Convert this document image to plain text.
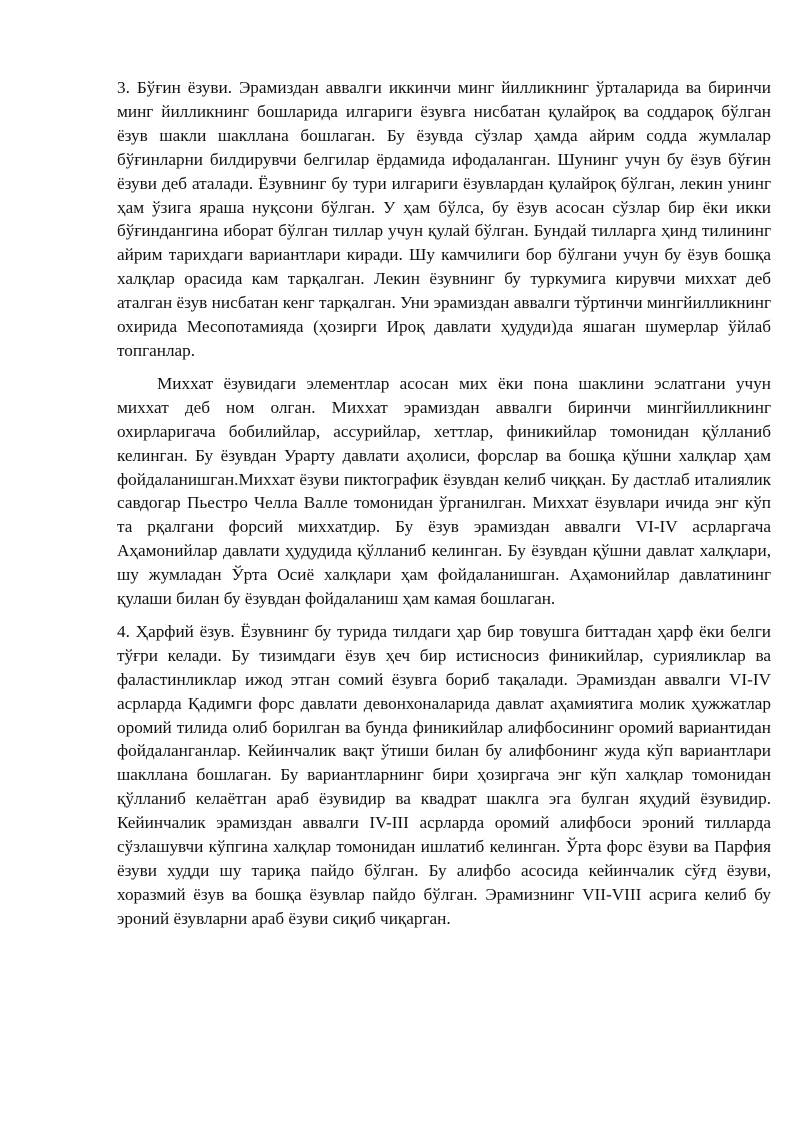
3. Бўғин ёзуви. Эрамиздан аввалги иккинчи минг йилликнинг ўрталарида ва биринчи минг йилликнинг бошларида илгариги ёзувга нисбатан қулайроқ ва соддароқ бўлган ёзув шакли шакллана бошлаган. Бу ёзувда сўзлар ҳамда айрим содда жумлалар бўғинларни билдирувчи белгилар ёрдамида ифодаланган. Шунинг учун бу ёзув бўғин ёзуви деб аталади. Ёзувнинг бу тури илгариги ёзувлардан қулайроқ бўлган, лекин унинг ҳам ўзига яраша нуқсони бўлган. У ҳам бўлса, бу ёзув асосан сўзлар бир ёки икки бўғиндангина иборат бўлган тиллар учун қулай бўлган. Бундай тилларга ҳинд тилининг айрим тарихдаги вариантлари киради. Шу камчилиги бор бўлгани учун бу ёзув бошқа халқлар орасида кам тарқалган. Лекин ёзувнинг бу туркумига кирувчи миххат деб аталган ёзув нисбатан кенг тарқалган. Уни эрамиздан аввалги тўртинчи мингйилликнинг охирида Месопотамияда (ҳозирги Ироқ давлати ҳудуди)да яшаган шумерлар ўйлаб топганлар.

Миххат ёзувидаги элементлар асосан мих ёки пона шаклини эслатгани учун миххат деб ном олган. Миххат эрамиздан аввалги биринчи мингйилликнинг охирларигача бобилийлар, ассурийлар, хеттлар, финикийлар томонидан қўлланиб келинган. Бу ёзувдан Урарту давлати аҳолиси, форслар ва бошқа қўшни халқлар ҳам фойдаланишган.Миххат ёзуви пиктографик ёзувдан келиб чиққан. Бу дастлаб италиялик савдогар Пьестро Челла Валле томонидан ўрганилган. Миххат ёзувлари ичида энг кўп та рқалгани форсий миххатдир. Бу ёзув эрамиздан аввалги VI-IV асрларгача Аҳамонийлар давлати ҳудудида қўлланиб келинган. Бу ёзувдан қўшни давлат халқлари, шу жумладан Ўрта Осиё халқлари ҳам фойдаланишган. Аҳамонийлар давлатининг қулаши билан бу ёзувдан фойдаланиш ҳам камая бошлаган.

4. Ҳарфий ёзув. Ёзувнинг бу турида тилдаги ҳар бир товушга биттадан ҳарф ёки белги тўғри келади. Бу тизимдаги ёзув ҳеч бир истисносиз финикийлар, сурияликлар ва фаластинликлар ижод этган сомий ёзувга бориб тақалади. Эрамиздан аввалги VI-IV асрларда Қадимги форс давлати девонхоналарида давлат аҳамиятига молик ҳужжатлар оромий тилида олиб борилган ва бунда финикийлар алифбосининг оромий вариантидан фойдаланганлар. Кейинчалик вақт ўтиши билан бу алифбонинг жуда кўп вариантлари шакллана бошлаган. Бу вариантларнинг бири ҳозиргача энг кўп халқлар томонидан қўлланиб келаётган араб ёзувидир ва квадрат шаклга эга булган яҳудий ёзувидир. Кейинчалик эрамиздан аввалги IV-III асрларда оромий алифбоси эроний тилларда сўзлашувчи кўпгина халқлар томонидан ишлатиб келинган. Ўрта форс ёзуви ва Парфия ёзуви худди шу тариқа пайдо бўлган. Бу алифбо асосида кейинчалик сўғд ёзуви, хоразмий ёзув ва бошқа ёзувлар пайдо бўлган. Эрамизнинг VII-VIII асрига келиб бу эроний ёзувларни араб ёзуви сиқиб чиқарган.
